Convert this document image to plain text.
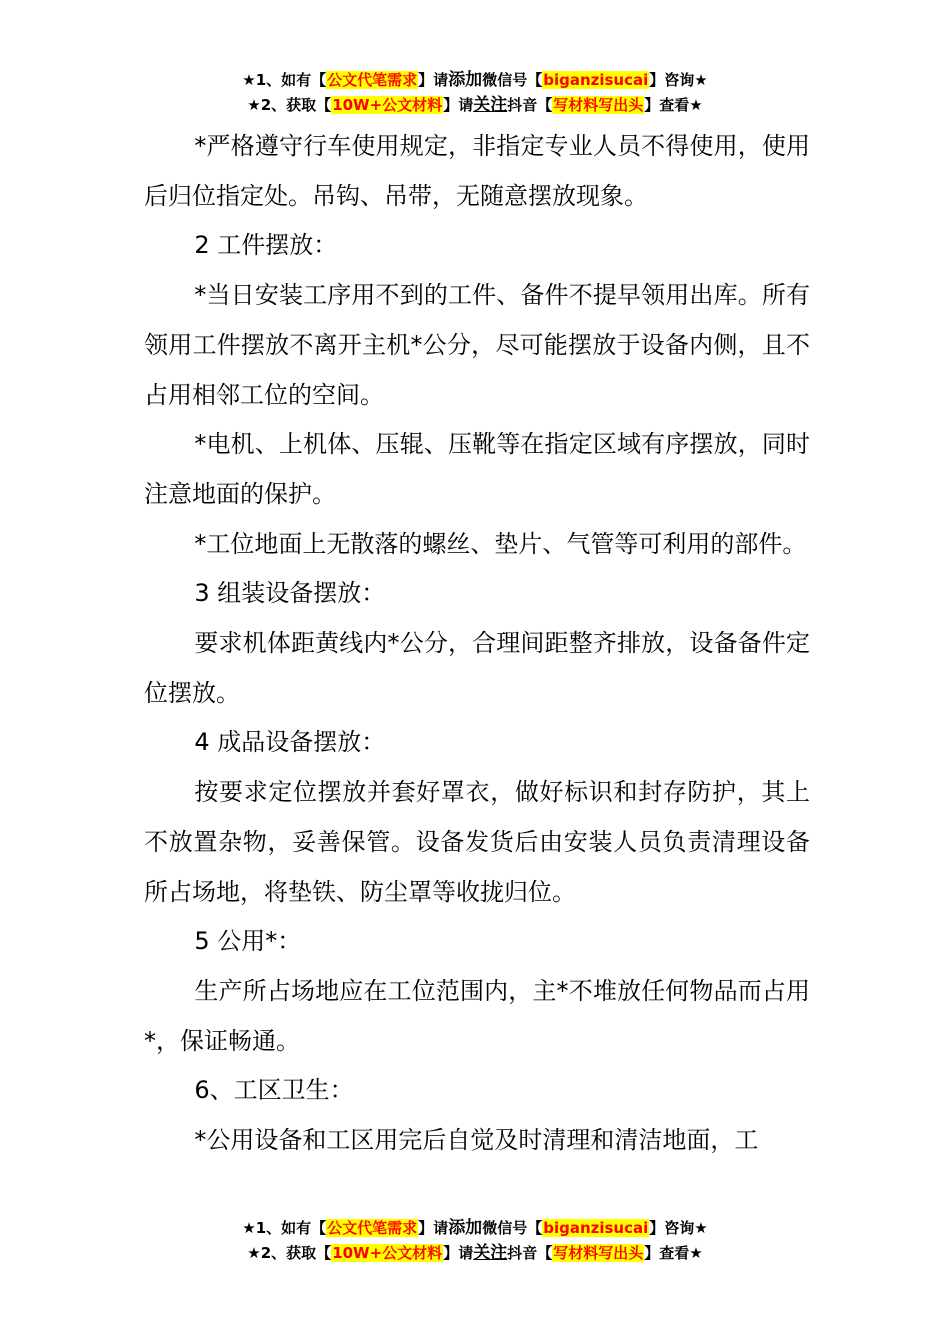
★1、如有【公文代笔需求】请添加微信号【biganzisucai】咨询★
★2、获取【10W+公文材料】请关注抖音【写材料写出头】查看★

*严格遵守行车使用规定，非指定专业人员不得使用，使用后归位指定处。吊钩、吊带，无随意摆放现象。

2 工件摆放：

*当日安装工序用不到的工件、备件不提早领用出库。所有领用工件摆放不离开主机*公分，尽可能摆放于设备内侧，且不占用相邻工位的空间。

*电机、上机体、压辊、压靴等在指定区域有序摆放，同时注意地面的保护。

*工位地面上无散落的螺丝、垫片、气管等可利用的部件。

3 组装设备摆放：

要求机体距黄线内*公分，合理间距整齐排放，设备备件定位摆放。

4 成品设备摆放：

按要求定位摆放并套好罩衣，做好标识和封存防护，其上不放置杂物，妥善保管。设备发货后由安装人员负责清理设备所占场地，将垫铁、防尘罩等收拢归位。

5 公用*：

生产所占场地应在工位范围内，主*不堆放任何物品而占用*，保证畅通。

6、工区卫生：

*公用设备和工区用完后自觉及时清理和清洁地面，工

★1、如有【公文代笔需求】请添加微信号【biganzisucai】咨询★
★2、获取【10W+公文材料】请关注抖音【写材料写出头】查看★
